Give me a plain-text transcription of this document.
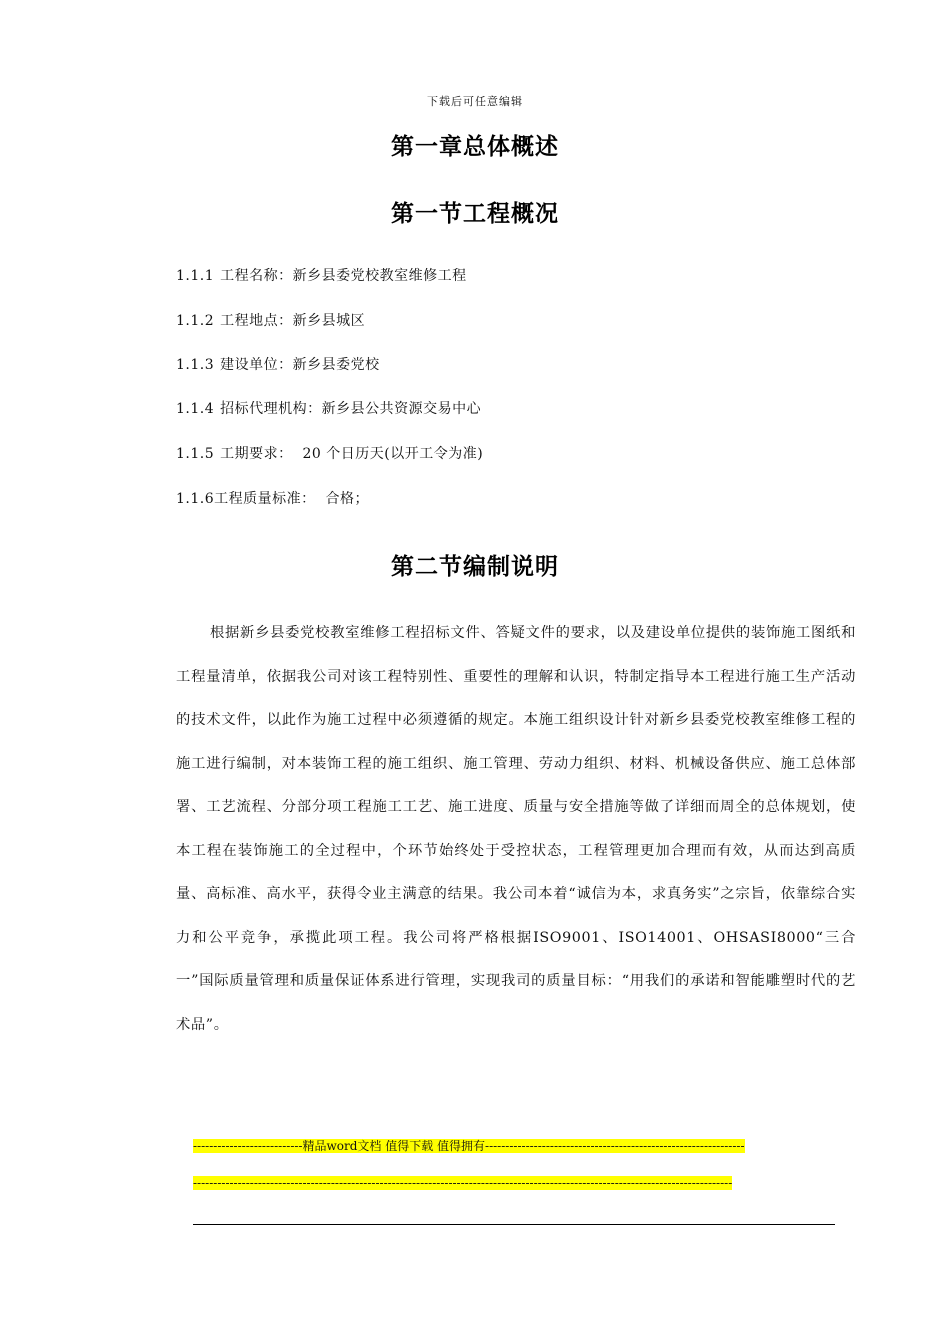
下载后可任意编辑
第一章总体概述
第一节工程概况
1.1.1 工程名称：新乡县委党校教室维修工程
1.1.2 工程地点：新乡县城区
1.1.3 建设单位：新乡县委党校
1.1.4 招标代理机构：新乡县公共资源交易中心
1.1.5 工期要求：  20 个日历天(以开工令为准)
1.1.6工程质量标准：  合格；
第二节编制说明

根据新乡县委党校教室维修工程招标文件、答疑文件的要求，以及建设单位提供的装饰施工图纸和工程量清单，依据我公司对该工程特别性、重要性的理解和认识，特制定指导本工程进行施工生产活动的技术文件，以此作为施工过程中必须遵循的规定。本施工组织设计针对新乡县委党校教室维修工程的施工进行编制，对本装饰工程的施工组织、施工管理、劳动力组织、材料、机械设备供应、施工总体部署、工艺流程、分部分项工程施工工艺、施工进度、质量与安全措施等做了详细而周全的总体规划，使本工程在装饰施工的全过程中，个环节始终处于受控状态，工程管理更加合理而有效，从而达到高质量、高标准、高水平，获得令业主满意的结果。我公司本着“诚信为本，求真务实”之宗旨，依靠综合实力和公平竞争，承揽此项工程。我公司将严格根据ISO9001、ISO14001、OHSASI8000“三合一”国际质量管理和质量保证体系进行管理，实现我司的质量目标：“用我们的承诺和智能雕塑时代的艺术品”。

---------------------------精品word文档 值得下载 值得拥有----------------------------------------------------------------
-------------------------------------------------------------------------------------------------------------------------------------
